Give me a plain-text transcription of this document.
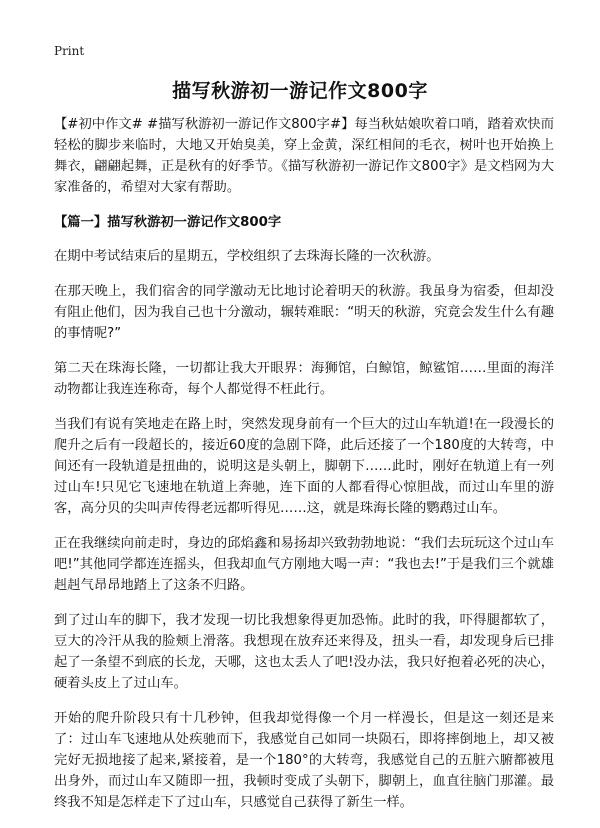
Print
描写秋游初一游记作文800字

【#初中作文# #描写秋游初一游记作文800字#】每当秋姑娘吹着口哨，踏着欢快而轻松的脚步来临时，大地又开始臭美，穿上金黄，深红相间的毛衣，树叶也开始换上舞衣，翩翩起舞，正是秋有的好季节。《描写秋游初一游记作文800字》是文档网为大家准备的，希望对大家有帮助。

【篇一】描写秋游初一游记作文800字

在期中考试结束后的星期五，学校组织了去珠海长隆的一次秋游。

在那天晚上，我们宿舍的同学激动无比地讨论着明天的秋游。我虽身为宿委，但却没有阻止他们，因为我自己也十分激动，辗转难眠：“明天的秋游，究竟会发生什么有趣的事情呢?”

第二天在珠海长隆，一切都让我大开眼界：海狮馆，白鲸馆，鲸鲨馆……里面的海洋动物都让我连连称奇，每个人都觉得不枉此行。

当我们有说有笑地走在路上时，突然发现身前有一个巨大的过山车轨道!在一段漫长的爬升之后有一段超长的，接近60度的急剧下降，此后还接了一个180度的大转弯，中间还有一段轨道是扭曲的，说明这是头朝上，脚朝下……此时，刚好在轨道上有一列过山车!只见它飞速地在轨道上奔驰，连下面的人都看得心惊胆战，而过山车里的游客，高分贝的尖叫声传得老远都听得见……这，就是珠海长隆的鹦鹉过山车。

正在我继续向前走时，身边的邱焰鑫和易扬却兴致勃勃地说：“我们去玩玩这个过山车吧!”其他同学都连连摇头，但我却血气方刚地大喝一声：“我也去!”于是我们三个就雄赳赳气昂昂地踏上了这条不归路。

到了过山车的脚下，我才发现一切比我想象得更加恐怖。此时的我，吓得腿都软了，豆大的冷汗从我的脸颊上滑落。我想现在放弃还来得及，扭头一看，却发现身后已排起了一条望不到底的长龙，天哪，这也太丢人了吧!没办法，我只好抱着必死的决心，硬着头皮上了过山车。

开始的爬升阶段只有十几秒钟，但我却觉得像一个月一样漫长，但是这一刻还是来了：过山车飞速地从处疾驰而下，我感觉自己如同一块陨石，即将摔倒地上，却又被完好无损地接了起来,紧接着，是一个180°的大转弯，我感觉自己的五脏六腑都被甩出身外，而过山车又随即一扭，我顿时变成了头朝下，脚朝上，血直往脑门那灌。最终我不知是怎样走下了过山车，只感觉自己获得了新生一样。
